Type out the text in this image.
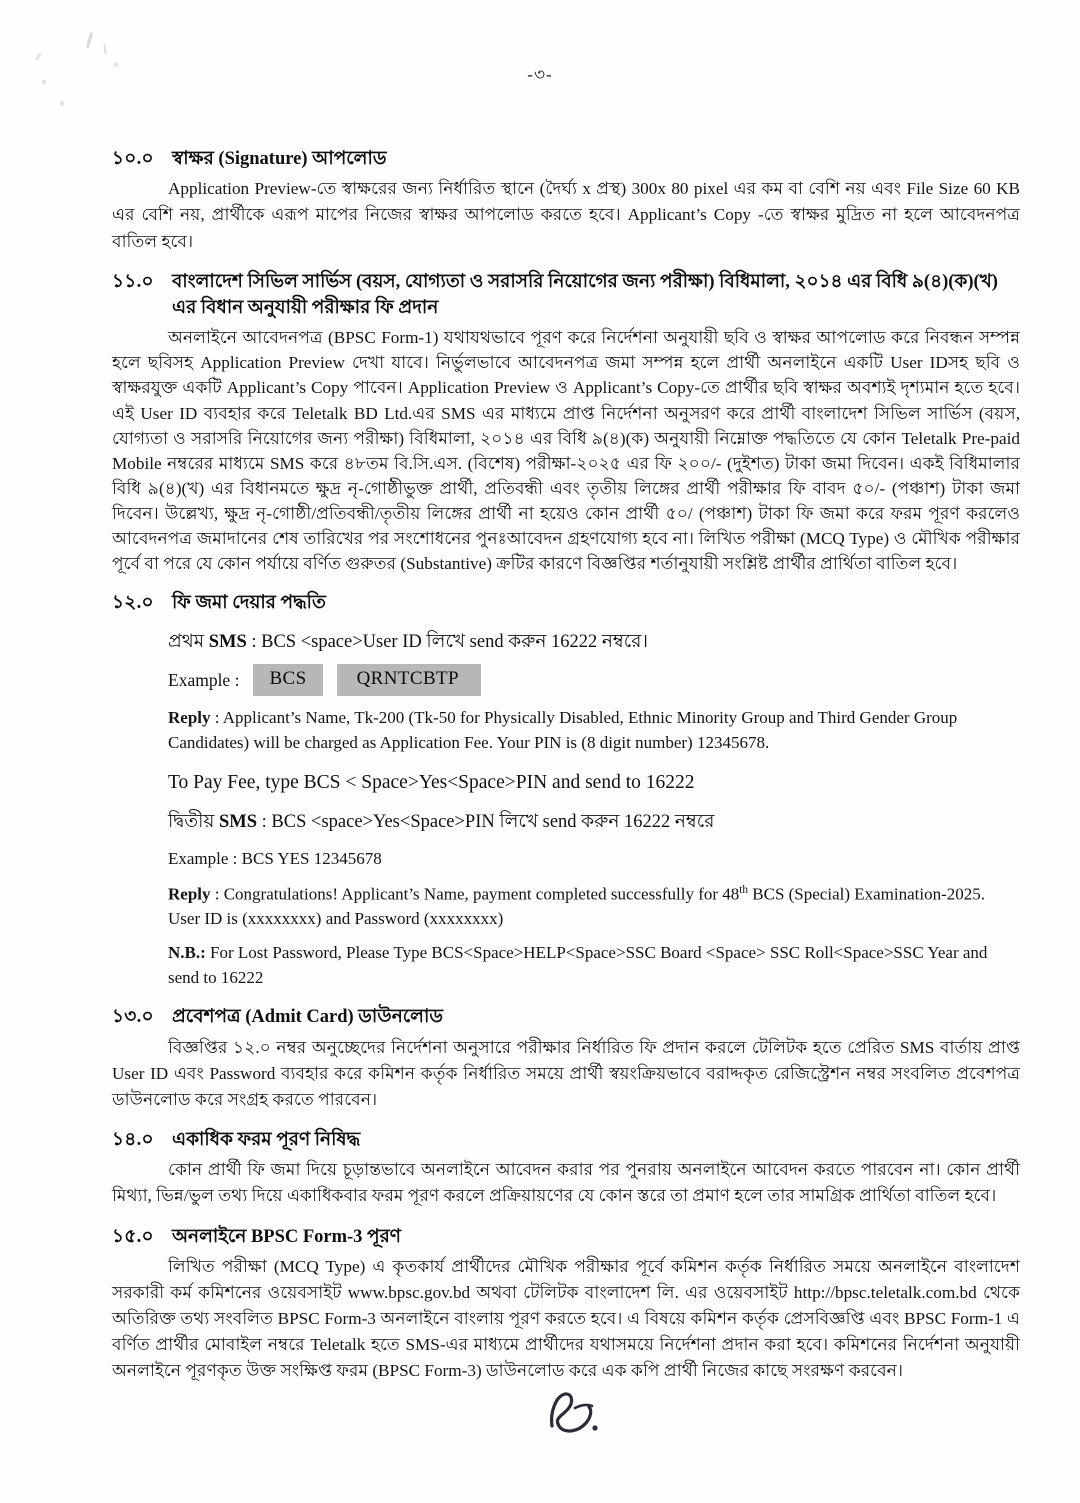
-৩-
১০.০ স্বাক্ষর (Signature) আপলোড

Application Preview-তে স্বাক্ষরের জন্য নির্ধারিত স্থানে (দৈর্ঘ্য x প্রস্থ) 300x 80 pixel এর কম বা বেশি নয় এবং File Size 60 KB এর বেশি নয়, প্রার্থীকে এরূপ মাপের নিজের স্বাক্ষর আপলোড করতে হবে। Applicant’s Copy -তে স্বাক্ষর মুদ্রিত না হলে আবেদনপত্র বাতিল হবে।

১১.০ বাংলাদেশ সিভিল সার্ভিস (বয়স, যোগ্যতা ও সরাসরি নিয়োগের জন্য পরীক্ষা) বিধিমালা, ২০১৪ এর বিধি ৯(৪)(ক)(খ) এর বিধান অনুযায়ী পরীক্ষার ফি প্রদান

অনলাইনে আবেদনপত্র (BPSC Form-1) যথাযথভাবে পূরণ করে নির্দেশনা অনুযায়ী ছবি ও স্বাক্ষর আপলোড করে নিবন্ধন সম্পন্ন হলে ছবিসহ Application Preview দেখা যাবে। নির্ভুলভাবে আবেদনপত্র জমা সম্পন্ন হলে প্রার্থী অনলাইনে একটি User IDসহ ছবি ও স্বাক্ষরযুক্ত একটি Applicant’s Copy পাবেন। Application Preview ও Applicant’s Copy-তে প্রার্থীর ছবি স্বাক্ষর অবশ্যই দৃশ্যমান হতে হবে। এই User ID ব্যবহার করে Teletalk BD Ltd.এর SMS এর মাধ্যমে প্রাপ্ত নির্দেশনা অনুসরণ করে প্রার্থী বাংলাদেশ সিভিল সার্ভিস (বয়স, যোগ্যতা ও সরাসরি নিয়োগের জন্য পরীক্ষা) বিধিমালা, ২০১৪ এর বিধি ৯(৪)(ক) অনুযায়ী নিম্নোক্ত পদ্ধতিতে যে কোন Teletalk Pre-paid Mobile নম্বরের মাধ্যমে SMS করে ৪৮তম বি.সি.এস. (বিশেষ) পরীক্ষা-২০২৫ এর ফি ২০০/- (দুইশত) টাকা জমা দিবেন। একই বিধিমালার বিধি ৯(৪)(খ) এর বিধানমতে ক্ষুদ্র নৃ-গোষ্ঠীভুক্ত প্রার্থী, প্রতিবন্ধী এবং তৃতীয় লিঙ্গের প্রার্থী পরীক্ষার ফি বাবদ ৫০/- (পঞ্চাশ) টাকা জমা দিবেন। উল্লেখ্য, ক্ষুদ্র নৃ-গোষ্ঠী/প্রতিবন্ধী/তৃতীয় লিঙ্গের প্রার্থী না হয়েও কোন প্রার্থী ৫০/ (পঞ্চাশ) টাকা ফি জমা করে ফরম পূরণ করলেও আবেদনপত্র জমাদানের শেষ তারিখের পর সংশোধনের পুনঃআবেদন গ্রহণযোগ্য হবে না। লিখিত পরীক্ষা (MCQ Type) ও মৌখিক পরীক্ষার পূর্বে বা পরে যে কোন পর্যায়ে বর্ণিত গুরুতর (Substantive) ক্রটির কারণে বিজ্ঞপ্তির শর্তানুযায়ী সংশ্লিষ্ট প্রার্থীর প্রার্থিতা বাতিল হবে।

১২.০ ফি জমা দেয়ার পদ্ধতি
প্রথম SMS : BCS <space>User ID লিখে send করুন 16222 নম্বরে।
Example :	BCS	QRNTCBTP
Reply : Applicant’s Name, Tk-200 (Tk-50 for Physically Disabled, Ethnic Minority Group and Third Gender Group Candidates) will be charged as Application Fee. Your PIN is (8 digit number) 12345678.
To Pay Fee, type BCS < Space>Yes<Space>PIN and send to 16222
দ্বিতীয় SMS : BCS <space>Yes<Space>PIN লিখে send করুন 16222 নম্বরে
Example : BCS YES 12345678
Reply : Congratulations! Applicant’s Name, payment completed successfully for 48th BCS (Special) Examination-2025. User ID is (xxxxxxxx) and Password (xxxxxxxx)
N.B.: For Lost Password, Please Type BCS<Space>HELP<Space>SSC Board <Space> SSC Roll<Space>SSC Year and send to 16222
১৩.০ প্রবেশপত্র (Admit Card) ডাউনলোড

বিজ্ঞপ্তির ১২.০ নম্বর অনুচ্ছেদের নির্দেশনা অনুসারে পরীক্ষার নির্ধারিত ফি প্রদান করলে টেলিটক হতে প্রেরিত SMS বার্তায় প্রাপ্ত User ID এবং Password ব্যবহার করে কমিশন কর্তৃক নির্ধারিত সময়ে প্রার্থী স্বয়ংক্রিয়ভাবে বরাদ্দকৃত রেজিস্ট্রেশন নম্বর সংবলিত প্রবেশপত্র ডাউনলোড করে সংগ্রহ করতে পারবেন।

১৪.০ একাধিক ফরম পূরণ নিষিদ্ধ

কোন প্রার্থী ফি জমা দিয়ে চূড়ান্তভাবে অনলাইনে আবেদন করার পর পুনরায় অনলাইনে আবেদন করতে পারবেন না। কোন প্রার্থী মিথ্যা, ভিন্ন/ভুল তথ্য দিয়ে একাধিকবার ফরম পূরণ করলে প্রক্রিয়ায়ণের যে কোন স্তরে তা প্রমাণ হলে তার সামগ্রিক প্রার্থিতা বাতিল হবে।

১৫.০ অনলাইনে BPSC Form-3 পূরণ

লিখিত পরীক্ষা (MCQ Type) এ কৃতকার্য প্রার্থীদের মৌখিক পরীক্ষার পূর্বে কমিশন কর্তৃক নির্ধারিত সময়ে অনলাইনে বাংলাদেশ সরকারী কর্ম কমিশনের ওয়েবসাইট www.bpsc.gov.bd অথবা টেলিটক বাংলাদেশ লি. এর ওয়েবসাইট http://bpsc.teletalk.com.bd থেকে অতিরিক্ত তথ্য সংবলিত BPSC Form-3 অনলাইনে বাংলায় পূরণ করতে হবে। এ বিষয়ে কমিশন কর্তৃক প্রেসবিজ্ঞপ্তি এবং BPSC Form-1 এ বর্ণিত প্রার্থীর মোবাইল নম্বরে Teletalk হতে SMS-এর মাধ্যমে প্রার্থীদের যথাসময়ে নির্দেশনা প্রদান করা হবে। কমিশনের নির্দেশনা অনুযায়ী অনলাইনে পূরণকৃত উক্ত সংক্ষিপ্ত ফরম (BPSC Form-3) ডাউনলোড করে এক কপি প্রার্থী নিজের কাছে সংরক্ষণ করবেন।
